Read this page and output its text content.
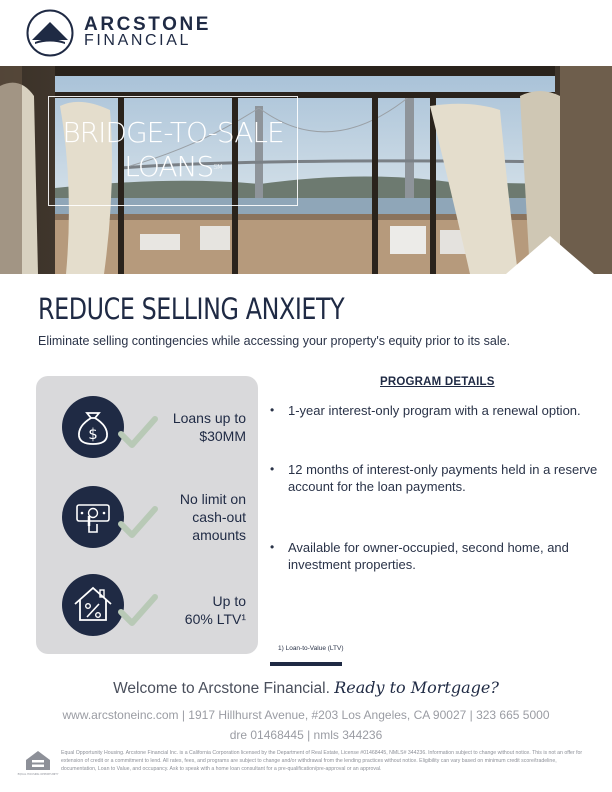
ARCSTONE
FINANCIAL
BRIDGE-TO-SALE
LOANS℠
REDUCE SELLING ANXIETY
Eliminate selling contingencies while accessing your property's equity prior to its sale.
$
Loans up to
$30MM
No limit on
cash-out
amounts
Up to
60% LTV¹
PROGRAM DETAILS
• 1-year interest-only program with a renewal option.
• 12 months of interest-only payments held in a reserve account for the loan payments.
• Available for owner-occupied, second home, and investment properties.
1) Loan-to-Value (LTV)
Welcome to Arcstone Financial. Ready to Mortgage?
www.arcstoneinc.com | 1917 Hillhurst Avenue, #203 Los Angeles, CA 90027 | 323 665 5000
dre 01468445 | nmls 344236
EQUAL HOUSING OPPORTUNITY
Equal Opportunity Housing. Arcstone Financial Inc. is a California Corporation licensed by the Department of Real Estate, License #01468445, NMLS# 344236. Information subject to change without notice. This is not an offer for extension of credit or a commitment to lend. All rates, fees, and programs are subject to change and/or withdrawal from the lending practices without notice. Eligibility can vary based on minimum credit score/tradeline, documentation, Loan to Value, and occupancy. Ask to speak with a home loan consultant for a pre-qualification/pre-approval or an approval.
